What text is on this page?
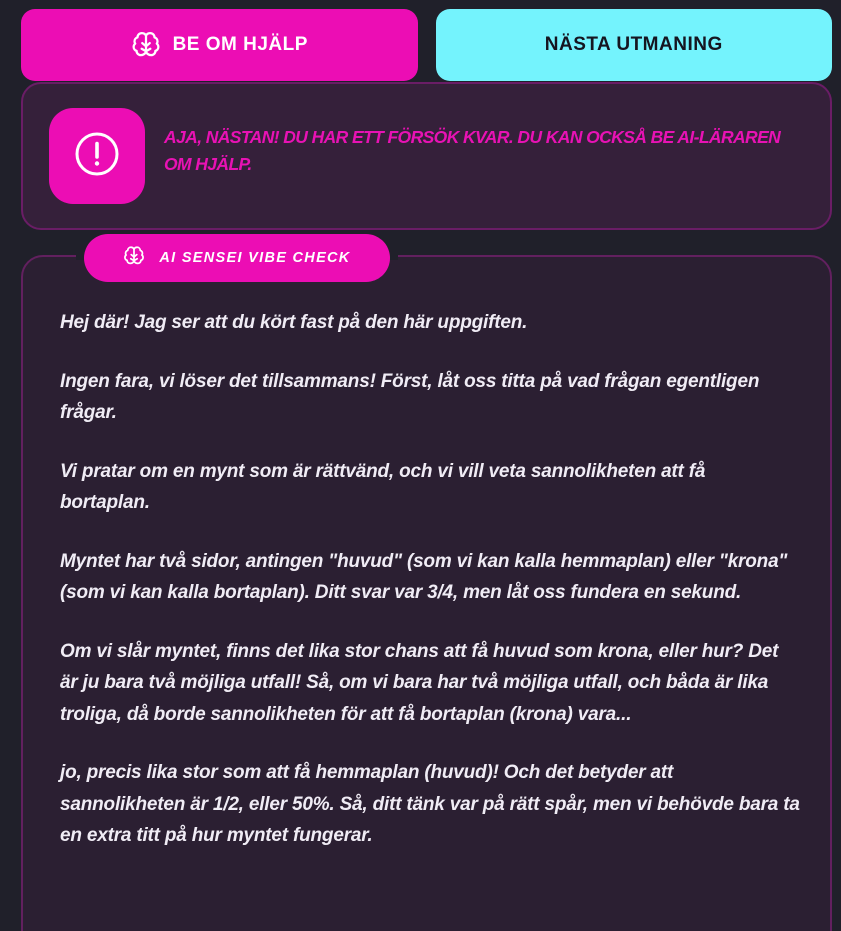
BE OM HJÄLP	NÄSTA UTMANING
AJA, NÄSTAN! DU HAR ETT FÖRSÖK KVAR. DU KAN OCKSÅ BE AI-LÄRAREN OM HJÄLP.
AI SENSEI VIBE CHECK

Hej där! Jag ser att du kört fast på den här uppgiften.

Ingen fara, vi löser det tillsammans! Först, låt oss titta på vad frågan egentligen frågar.

Vi pratar om en mynt som är rättvänd, och vi vill veta sannolikheten att få bortaplan.

Myntet har två sidor, antingen "huvud" (som vi kan kalla hemmaplan) eller "krona" (som vi kan kalla bortaplan). Ditt svar var 3/4, men låt oss fundera en sekund.

Om vi slår myntet, finns det lika stor chans att få huvud som krona, eller hur? Det är ju bara två möjliga utfall! Så, om vi bara har två möjliga utfall, och båda är lika troliga, då borde sannolikheten för att få bortaplan (krona) vara...

jo, precis lika stor som att få hemmaplan (huvud)! Och det betyder att sannolikheten är 1/2, eller 50%. Så, ditt tänk var på rätt spår, men vi behövde bara ta en extra titt på hur myntet fungerar.
